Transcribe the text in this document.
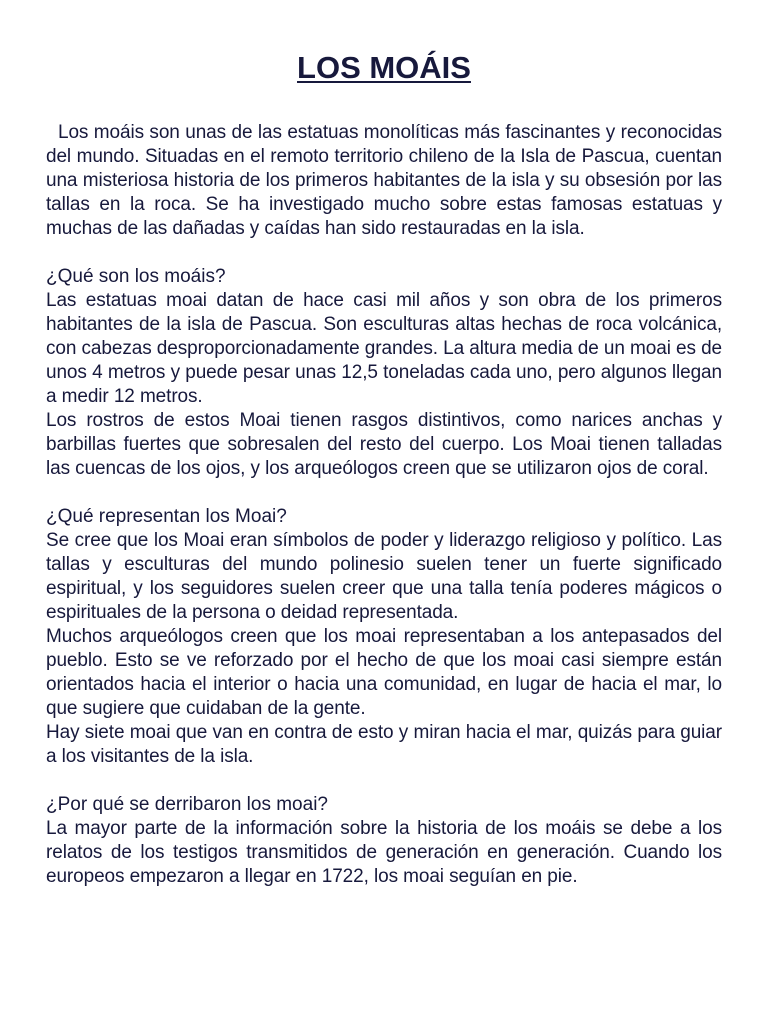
LOS MOÁIS

Los moáis son unas de las estatuas monolíticas más fascinantes y reconocidas del mundo. Situadas en el remoto territorio chileno de la Isla de Pascua, cuentan una misteriosa historia de los primeros habitantes de la isla y su obsesión por las tallas en la roca. Se ha investigado mucho sobre estas famosas estatuas y muchas de las dañadas y caídas han sido restauradas en la isla.

¿Qué son los moáis?

Las estatuas moai datan de hace casi mil años y son obra de los primeros habitantes de la isla de Pascua. Son esculturas altas hechas de roca volcánica, con cabezas desproporcionadamente grandes. La altura media de un moai es de unos 4 metros y puede pesar unas 12,5 toneladas cada uno, pero algunos llegan a medir 12 metros.

Los rostros de estos Moai tienen rasgos distintivos, como narices anchas y barbillas fuertes que sobresalen del resto del cuerpo. Los Moai tienen talladas las cuencas de los ojos, y los arqueólogos creen que se utilizaron ojos de coral.

¿Qué representan los Moai?

Se cree que los Moai eran símbolos de poder y liderazgo religioso y político. Las tallas y esculturas del mundo polinesio suelen tener un fuerte significado espiritual, y los seguidores suelen creer que una talla tenía poderes mágicos o espirituales de la persona o deidad representada.

Muchos arqueólogos creen que los moai representaban a los antepasados del pueblo. Esto se ve reforzado por el hecho de que los moai casi siempre están orientados hacia el interior o hacia una comunidad, en lugar de hacia el mar, lo que sugiere que cuidaban de la gente.

Hay siete moai que van en contra de esto y miran hacia el mar, quizás para guiar a los visitantes de la isla.

¿Por qué se derribaron los moai?

La mayor parte de la información sobre la historia de los moáis se debe a los relatos de los testigos transmitidos de generación en generación. Cuando los europeos empezaron a llegar en 1722, los moai seguían en pie.
